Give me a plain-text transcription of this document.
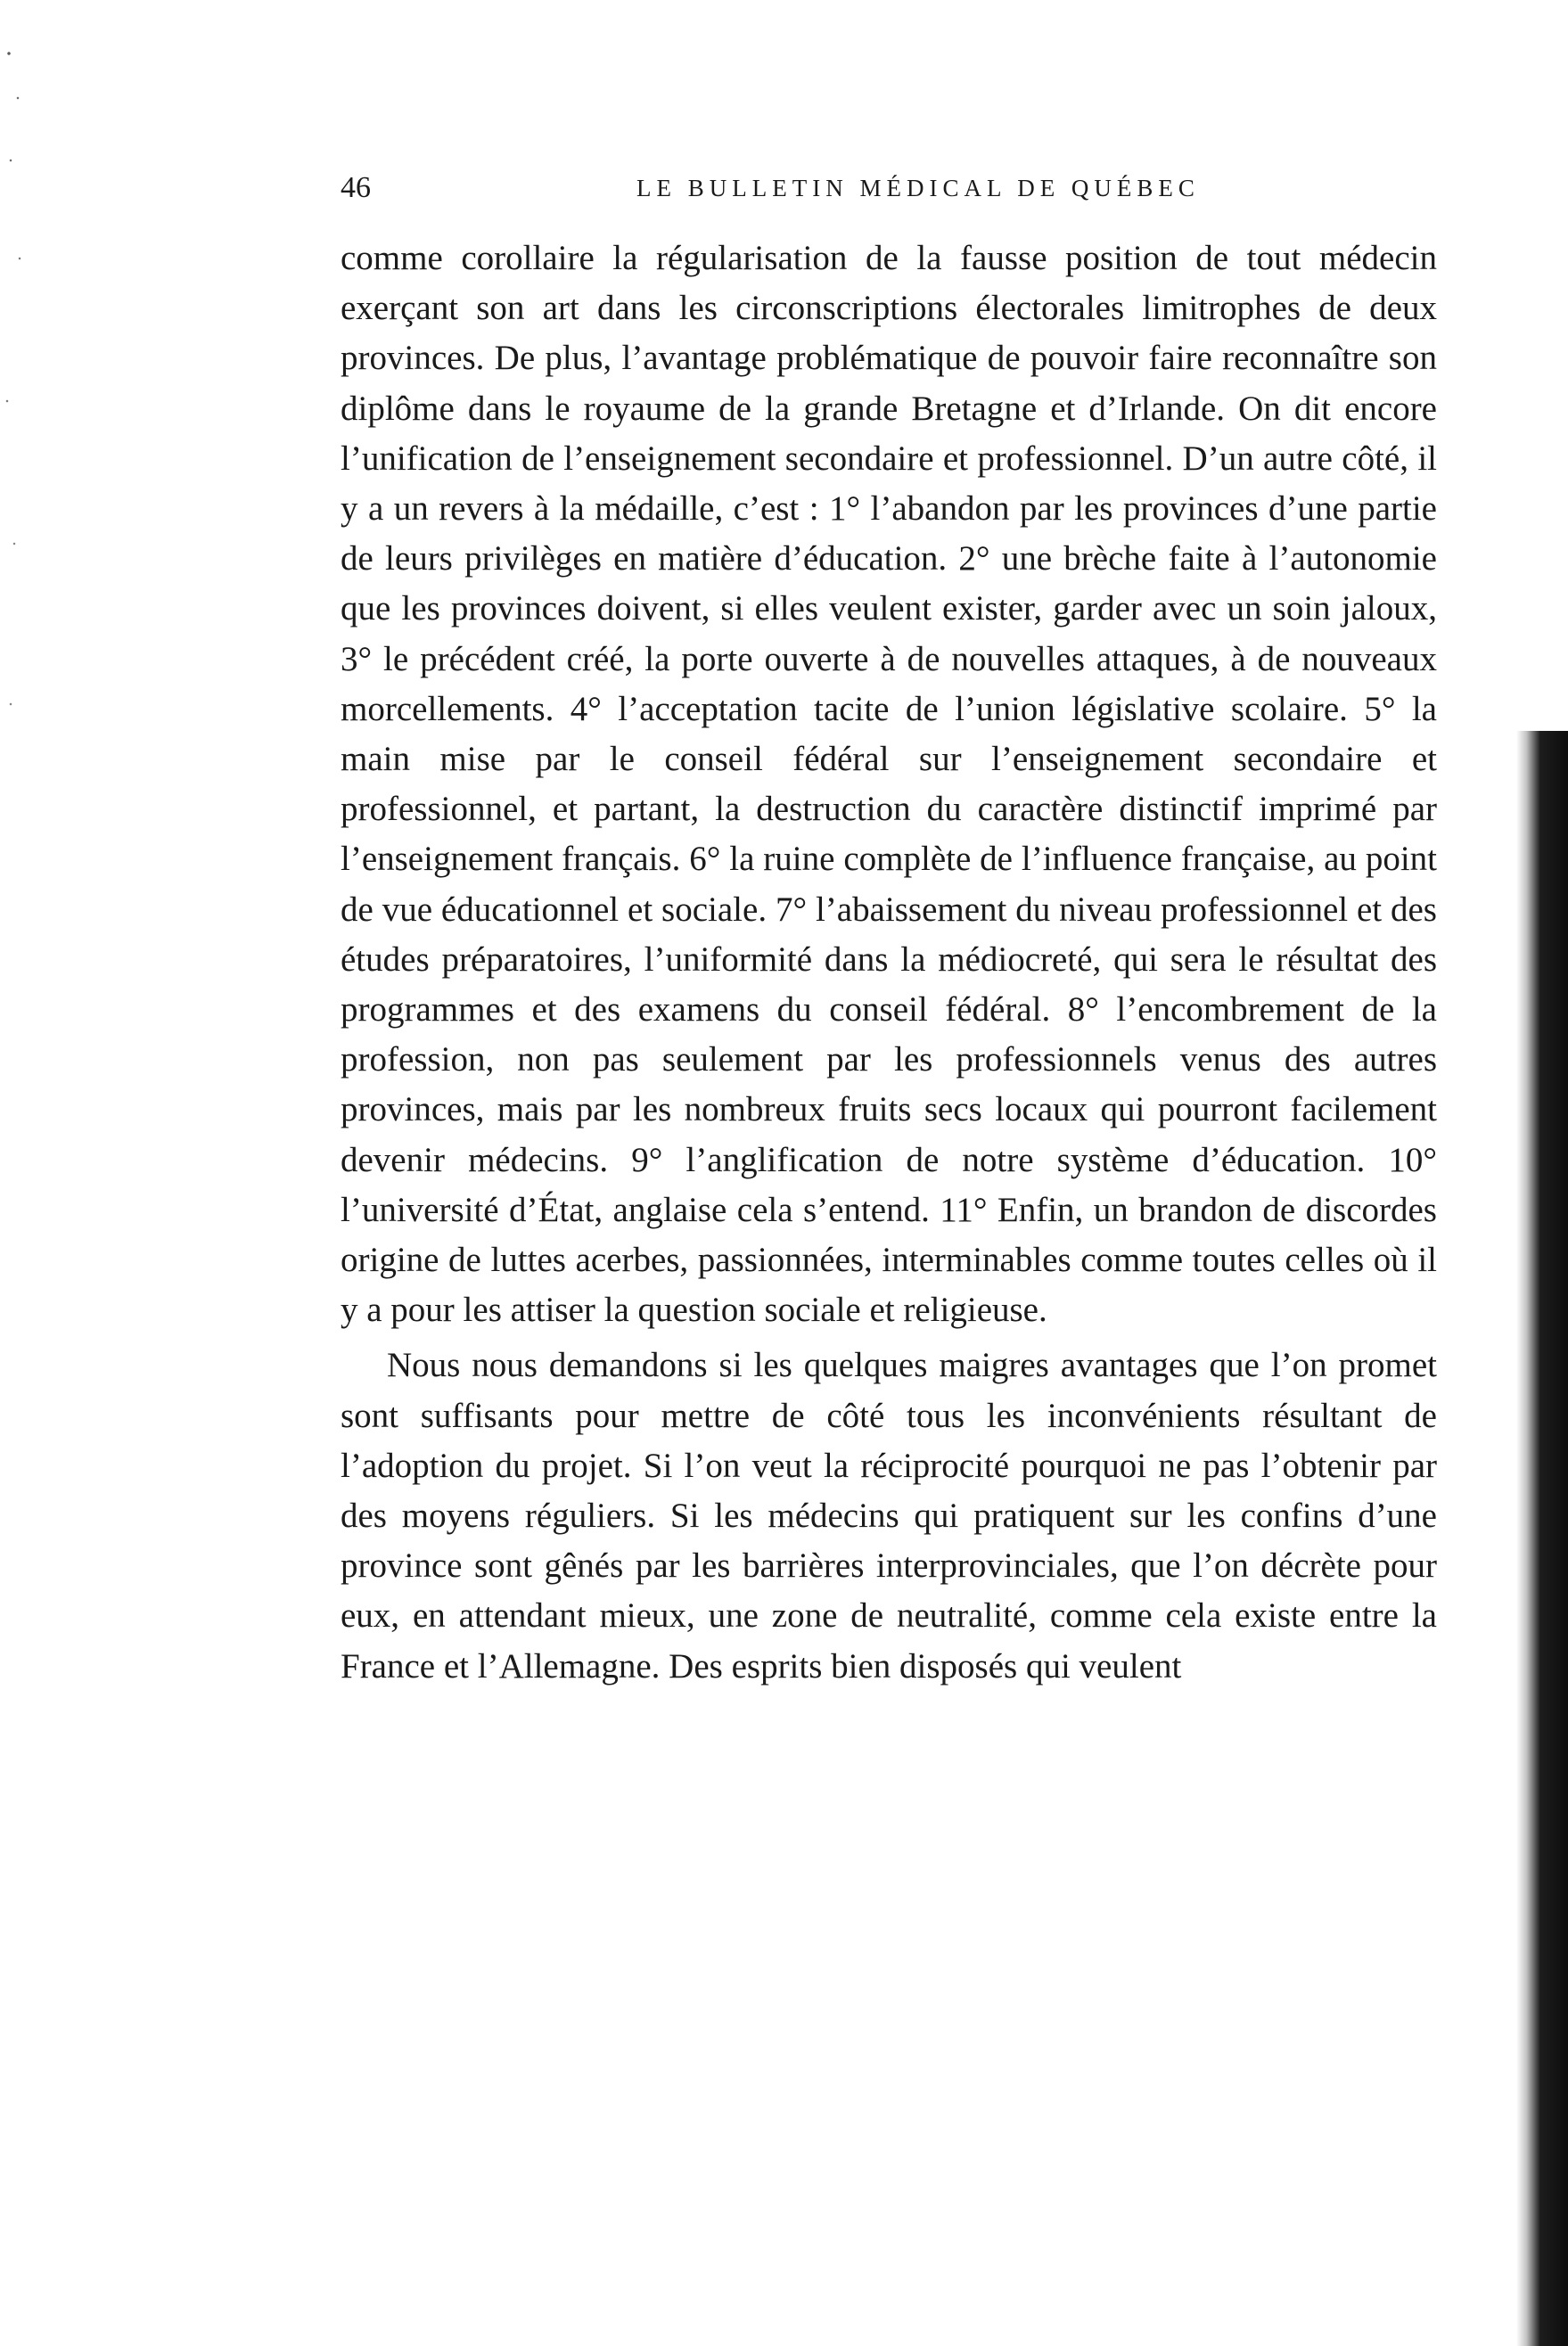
46	LE BULLETIN MÉDICAL DE QUÉBEC

comme corollaire la régularisation de la fausse position de tout médecin exerçant son art dans les circonscriptions électorales limitrophes de deux provinces. De plus, l’avantage problématique de pouvoir faire reconnaître son diplôme dans le royaume de la grande Bretagne et d’Irlande. On dit encore l’unification de l’enseignement secondaire et professionnel. D’un autre côté, il y a un revers à la médaille, c’est : 1° l’abandon par les provinces d’une partie de leurs privilèges en matière d’éducation. 2° une brèche faite à l’autonomie que les provinces doivent, si elles veulent exister, garder avec un soin jaloux, 3° le précédent créé, la porte ouverte à de nouvelles attaques, à de nouveaux morcellements. 4° l’acceptation tacite de l’union législative scolaire. 5° la main mise par le conseil fédéral sur l’enseignement secondaire et professionnel, et partant, la destruction du caractère distinctif imprimé par l’enseignement français. 6° la ruine complète de l’influence française, au point de vue éducationnel et sociale. 7° l’abaissement du niveau professionnel et des études préparatoires, l’uniformité dans la médiocreté, qui sera le résultat des programmes et des examens du conseil fédéral. 8° l’encombrement de la profession, non pas seulement par les professionnels venus des autres provinces, mais par les nombreux fruits secs locaux qui pourront facilement devenir médecins. 9° l’anglification de notre système d’éducation. 10° l’université d’État, anglaise cela s’entend. 11° Enfin, un brandon de discordes origine de luttes acerbes, passionnées, interminables comme toutes celles où il y a pour les attiser la question sociale et religieuse.

Nous nous demandons si les quelques maigres avantages que l’on promet sont suffisants pour mettre de côté tous les inconvénients résultant de l’adoption du projet. Si l’on veut la réciprocité pourquoi ne pas l’obtenir par des moyens réguliers. Si les médecins qui pratiquent sur les confins d’une province sont gênés par les barrières interprovinciales, que l’on décrète pour eux, en attendant mieux, une zone de neutralité, comme cela existe entre la France et l’Allemagne. Des esprits bien disposés qui veulent
